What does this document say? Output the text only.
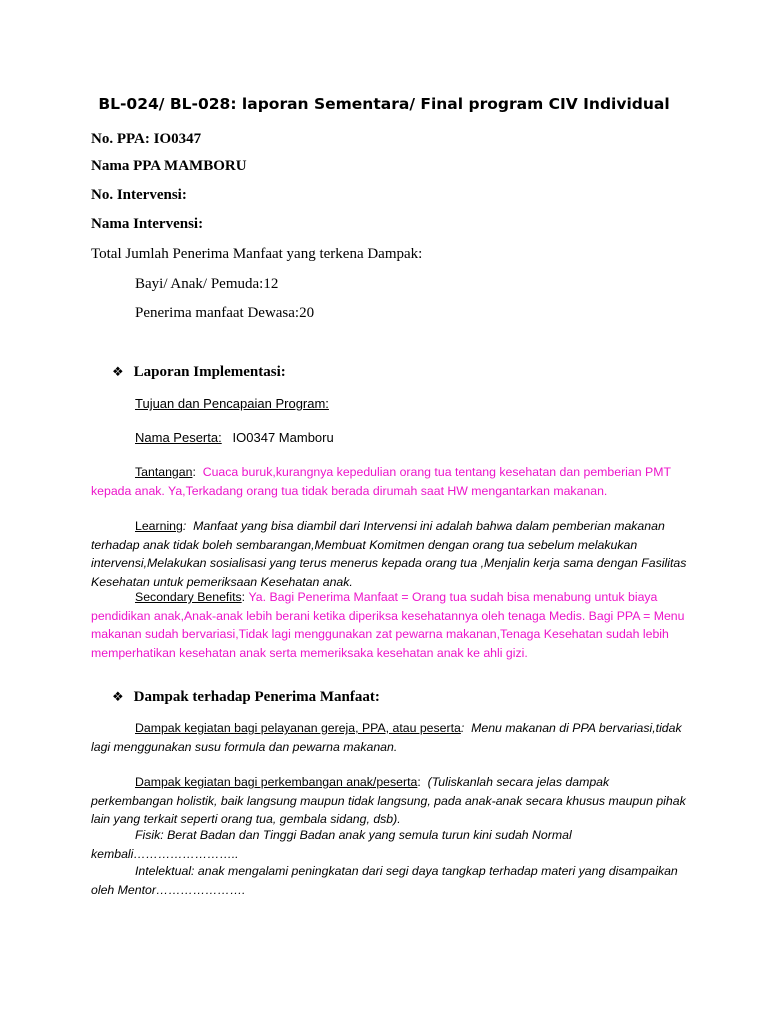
BL-024/ BL-028: laporan Sementara/ Final program CIV Individual
No. PPA: IO0347
Nama PPA MAMBORU
No. Intervensi:
Nama Intervensi:
Total Jumlah Penerima Manfaat yang terkena Dampak:
Bayi/ Anak/ Pemuda:12
Penerima manfaat Dewasa:20
❖ Laporan Implementasi:
Tujuan dan Pencapaian Program:
Nama Peserta: IO0347 Mamboru
Tantangan:  Cuaca buruk,kurangnya kepedulian orang tua tentang kesehatan dan pemberian PMT kepada anak. Ya,Terkadang orang tua tidak berada dirumah saat HW mengantarkan makanan.
Learning:  Manfaat yang bisa diambil dari Intervensi ini adalah bahwa dalam pemberian makanan terhadap anak tidak boleh sembarangan,Membuat Komitmen dengan orang tua sebelum melakukan intervensi,Melakukan sosialisasi yang terus menerus kepada orang tua ,Menjalin kerja sama dengan Fasilitas Kesehatan untuk pemeriksaan Kesehatan anak.
Secondary Benefits: Ya. Bagi Penerima Manfaat = Orang tua sudah bisa menabung untuk biaya pendidikan anak,Anak-anak lebih berani ketika diperiksa kesehatannya oleh tenaga Medis. Bagi PPA = Menu makanan sudah bervariasi,Tidak lagi menggunakan zat pewarna makanan,Tenaga Kesehatan sudah lebih memperhatikan kesehatan anak serta memeriksaka kesehatan anak ke ahli gizi.
❖ Dampak terhadap Penerima Manfaat:
Dampak kegiatan bagi pelayanan gereja, PPA, atau peserta:  Menu makanan di PPA bervariasi,tidak lagi menggunakan susu formula dan pewarna makanan.
Dampak kegiatan bagi perkembangan anak/peserta:  (Tuliskanlah secara jelas dampak perkembangan holistik, baik langsung maupun tidak langsung, pada anak-anak secara khusus maupun pihak lain yang terkait seperti orang tua, gembala sidang, dsb).
Fisik: Berat Badan dan Tinggi Badan anak yang semula turun kini sudah Normal kembali……………………..
Intelektual: anak mengalami peningkatan dari segi daya tangkap terhadap materi yang disampaikan oleh Mentor………………….
